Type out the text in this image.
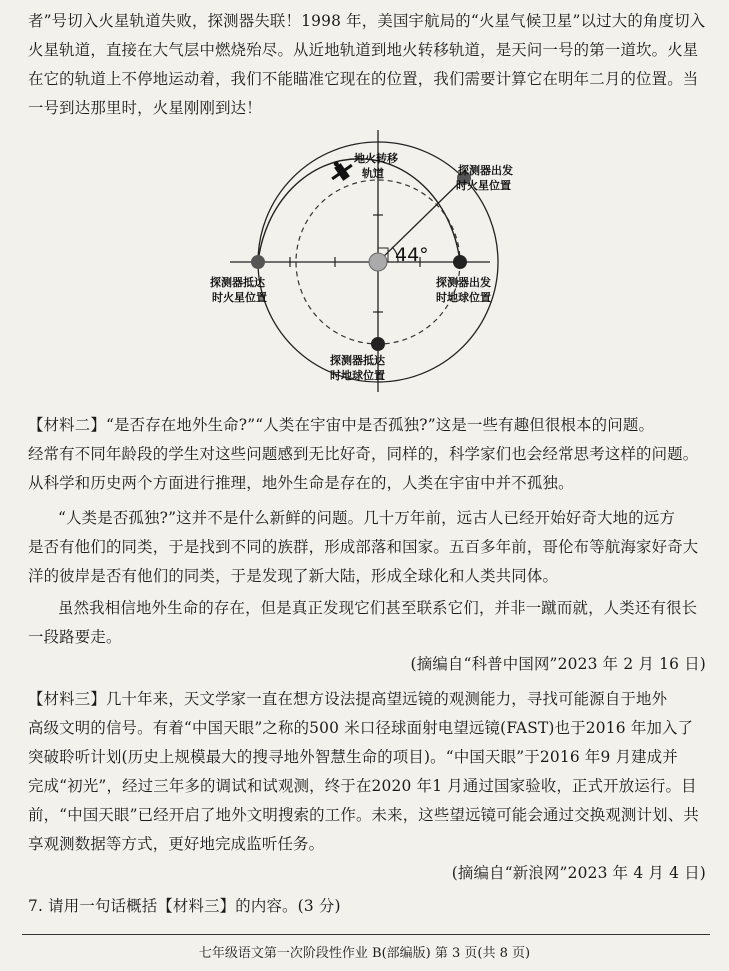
者”号切入火星轨道失败，探测器失联！1998 年，美国宇航局的“火星气候卫星”以过大的角度切入
火星轨道，直接在大气层中燃烧殆尽。从近地轨道到地火转移轨道，是天问一号的第一道坎。火星
在它的轨道上不停地运动着，我们不能瞄准它现在的位置，我们需要计算它在明年二月的位置。当
一号到达那里时，火星刚刚到达！
地火转移
轨道	探测器出发
时火星位置
44°
探测器抵达
时火星位置
探测器出发
时地球位置
探测器抵达
时地球位置
【材料二】“是否存在地外生命?”“人类在宇宙中是否孤独?”这是一些有趣但很根本的问题。
经常有不同年龄段的学生对这些问题感到无比好奇，同样的，科学家们也会经常思考这样的问题。
从科学和历史两个方面进行推理，地外生命是存在的，人类在宇宙中并不孤独。
“人类是否孤独?”这并不是什么新鲜的问题。几十万年前，远古人已经开始好奇大地的远方
是否有他们的同类，于是找到不同的族群，形成部落和国家。五百多年前，哥伦布等航海家好奇大
洋的彼岸是否有他们的同类，于是发现了新大陆，形成全球化和人类共同体。
虽然我相信地外生命的存在，但是真正发现它们甚至联系它们，并非一蹴而就，人类还有很长
一段路要走。
(摘编自“科普中国网”2023 年 2 月 16 日)
【材料三】几十年来，天文学家一直在想方设法提高望远镜的观测能力，寻找可能源自于地外
高级文明的信号。有着“中国天眼”之称的500 米口径球面射电望远镜(FAST)也于2016 年加入了
突破聆听计划(历史上规模最大的搜寻地外智慧生命的项目)。“中国天眼”于2016 年9 月建成并
完成“初光”，经过三年多的调试和试观测，终于在2020 年1 月通过国家验收，正式开放运行。目
前，“中国天眼”已经开启了地外文明搜索的工作。未来，这些望远镜可能会通过交换观测计划、共
享观测数据等方式，更好地完成监听任务。
(摘编自“新浪网”2023 年 4 月 4 日)
7. 请用一句话概括【材料三】的内容。(3 分)
七年级语文第一次阶段性作业 B(部编版) 第 3 页(共 8 页)
